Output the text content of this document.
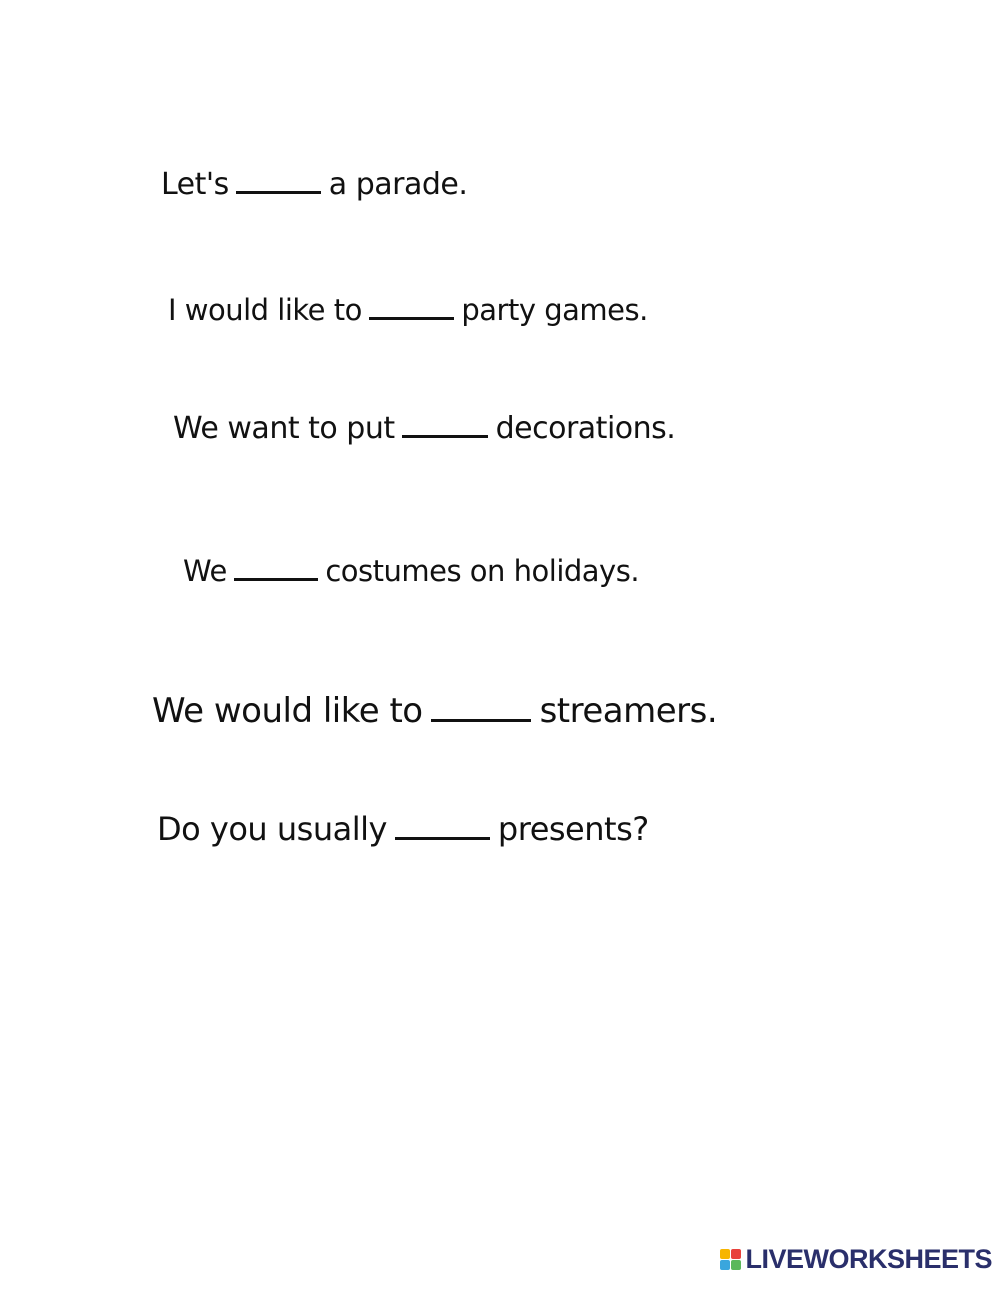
Let's	a parade.
I would like to	party games.
We want to put	decorations.
We	costumes on holidays.
We would like to	streamers.
Do you usually	presents?
LIVEWORKSHEETS
